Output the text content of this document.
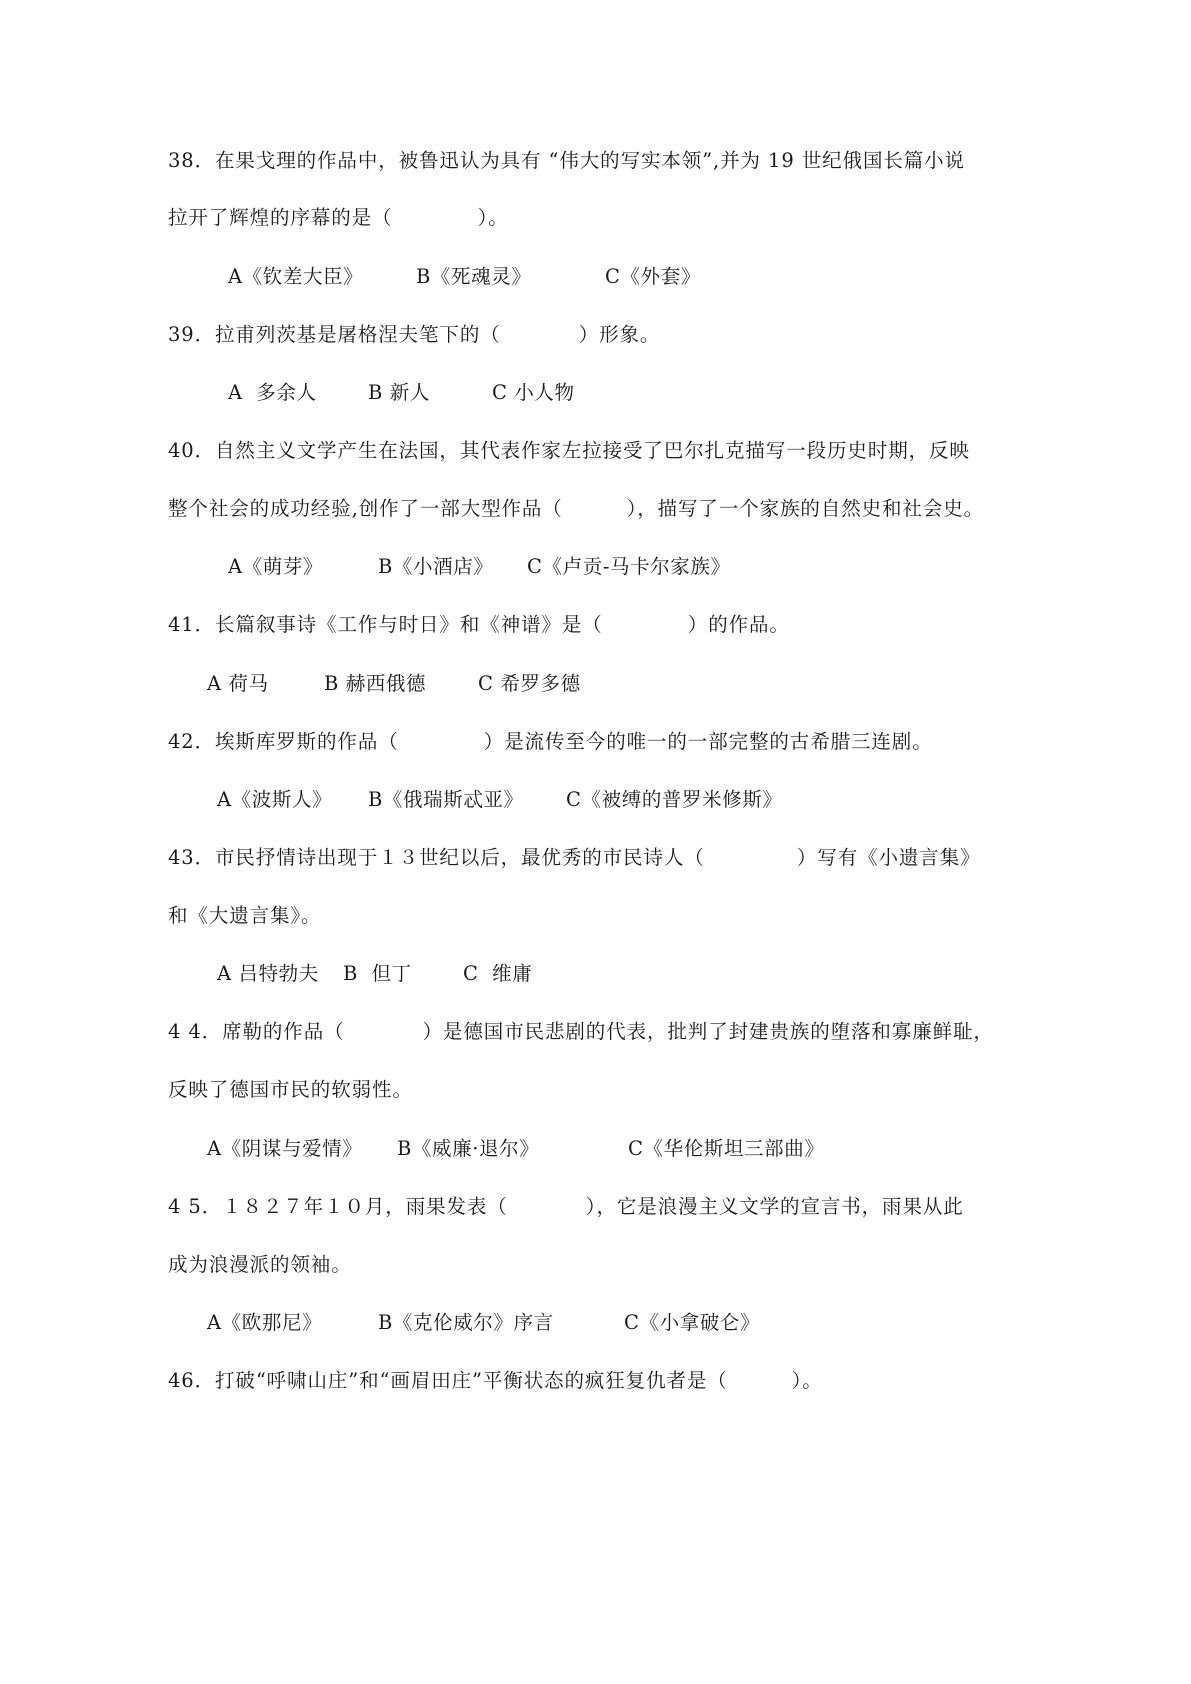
38．在果戈理的作品中，被鲁迅认为具有 “伟大的写实本领”,并为 19 世纪俄国长篇小说
拉开了辉煌的序幕的是（            ）。
A《钦差大臣》	B《死魂灵》	C《外套》
39．拉甫列茨基是屠格涅夫笔下的（           ）形象。
A  多余人	B 新人	C 小人物
40．自然主义文学产生在法国，其代表作家左拉接受了巴尔扎克描写一段历史时期，反映
整个社会的成功经验,创作了一部大型作品（         ），描写了一个家族的自然史和社会史。
A《萌芽》	B《小酒店》 C《卢贡-马卡尔家族》
41．长篇叙事诗《工作与时日》和《神谱》是（            ）的作品。
A 荷马	B 赫西俄德	C 希罗多德
42．埃斯库罗斯的作品（            ）是流传至今的唯一的一部完整的古希腊三连剧。
A《波斯人》 B《俄瑞斯忒亚》 C《被缚的普罗米修斯》
43．市民抒情诗出现于１３世纪以后，最优秀的市民诗人（             ）写有《小遗言集》
和《大遗言集》。
A 吕特勃夫 B  但丁	C  维庸
4 4．席勒的作品（           ）是德国市民悲剧的代表，批判了封建贵族的堕落和寡廉鲜耻，
反映了德国市民的软弱性。
A《阴谋与爱情》 B《威廉·退尔》	C《华伦斯坦三部曲》
4 5．１８２７年１０月，雨果发表（           ），它是浪漫主义文学的宣言书，雨果从此
成为浪漫派的领袖。
A《欧那尼》	B《克伦威尔》序言	C《小拿破仑》
46．打破“呼啸山庄”和“画眉田庄”平衡状态的疯狂复仇者是（         ）。
